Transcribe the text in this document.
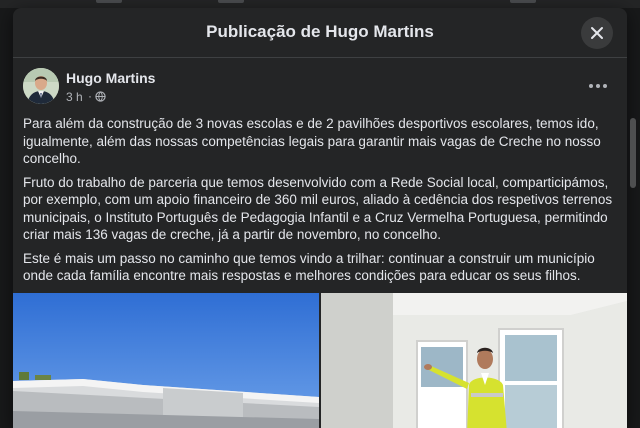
Publicação de Hugo Martins
Hugo Martins
3 h ·

Para além da construção de 3 novas escolas e de 2 pavilhões desportivos escolares, temos ido, igualmente, além das nossas competências legais para garantir mais vagas de Creche no nosso concelho.

Fruto do trabalho de parceria que temos desenvolvido com a Rede Social local, comparticipámos, por exemplo, com um apoio financeiro de 360 mil euros, aliado à cedência dos respetivos terrenos municipais, o Instituto Português de Pedagogia Infantil e a Cruz Vermelha Portuguesa, permitindo criar mais 136 vagas de creche, já a partir de novembro, no concelho.

Este é mais um passo no caminho que temos vindo a trilhar: continuar a construir um município onde cada família encontre mais respostas e melhores condições para educar os seus filhos.
